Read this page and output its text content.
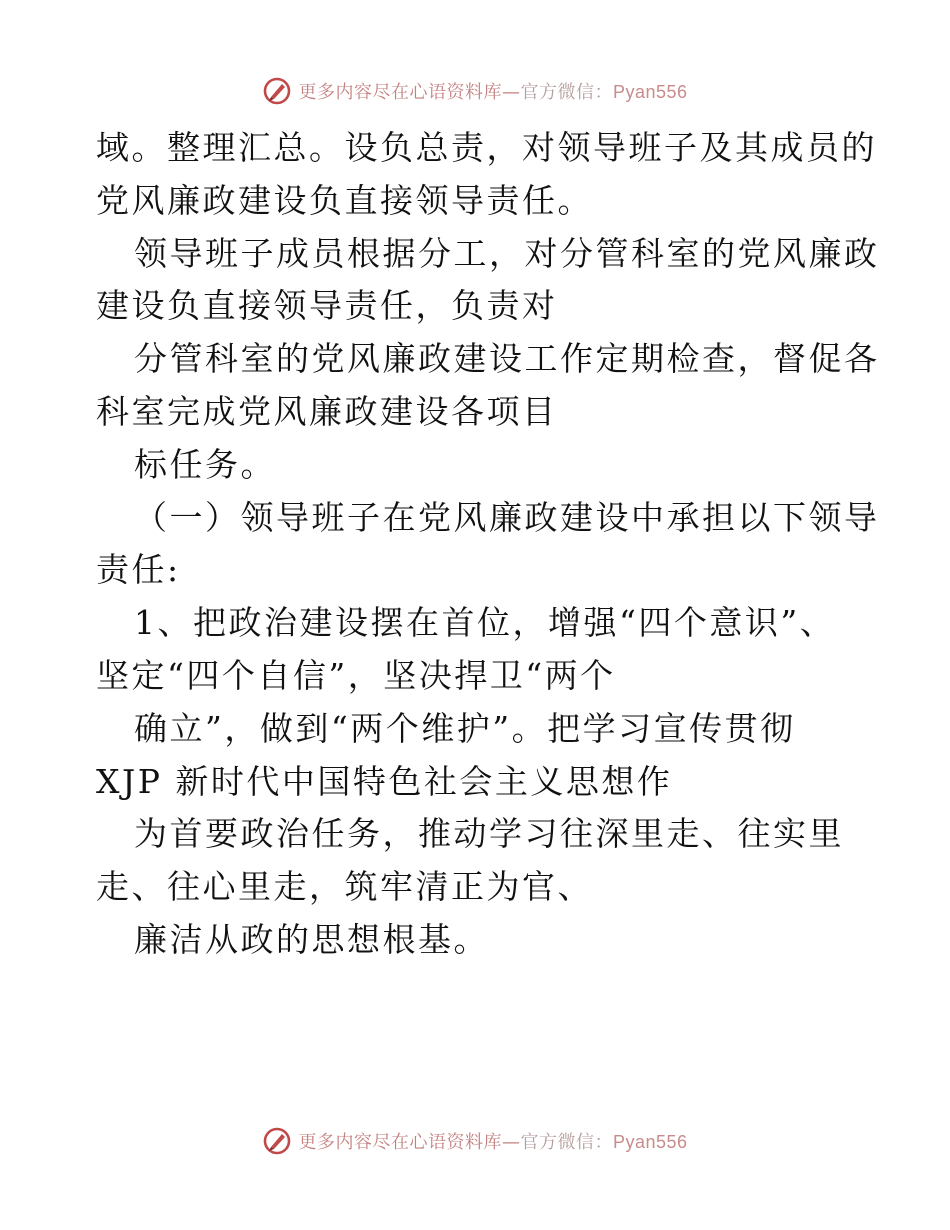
更多内容尽在心语资料库—官方微信：Pyan556
域。整理汇总。设负总责，对领导班子及其成员的
党风廉政建设负直接领导责任。
领导班子成员根据分工，对分管科室的党风廉政
建设负直接领导责任，负责对
分管科室的党风廉政建设工作定期检查，督促各
科室完成党风廉政建设各项目
标任务。
（一）领导班子在党风廉政建设中承担以下领导
责任:
1、把政治建设摆在首位，增强“四个意识”、
坚定“四个自信”，坚决捍卫“两个
确立”，做到“两个维护”。把学习宣传贯彻
XJP 新时代中国特色社会主义思想作
为首要政治任务，推动学习往深里走、往实里
走、往心里走，筑牢清正为官、
廉洁从政的思想根基。
更多内容尽在心语资料库—官方微信：Pyan556
